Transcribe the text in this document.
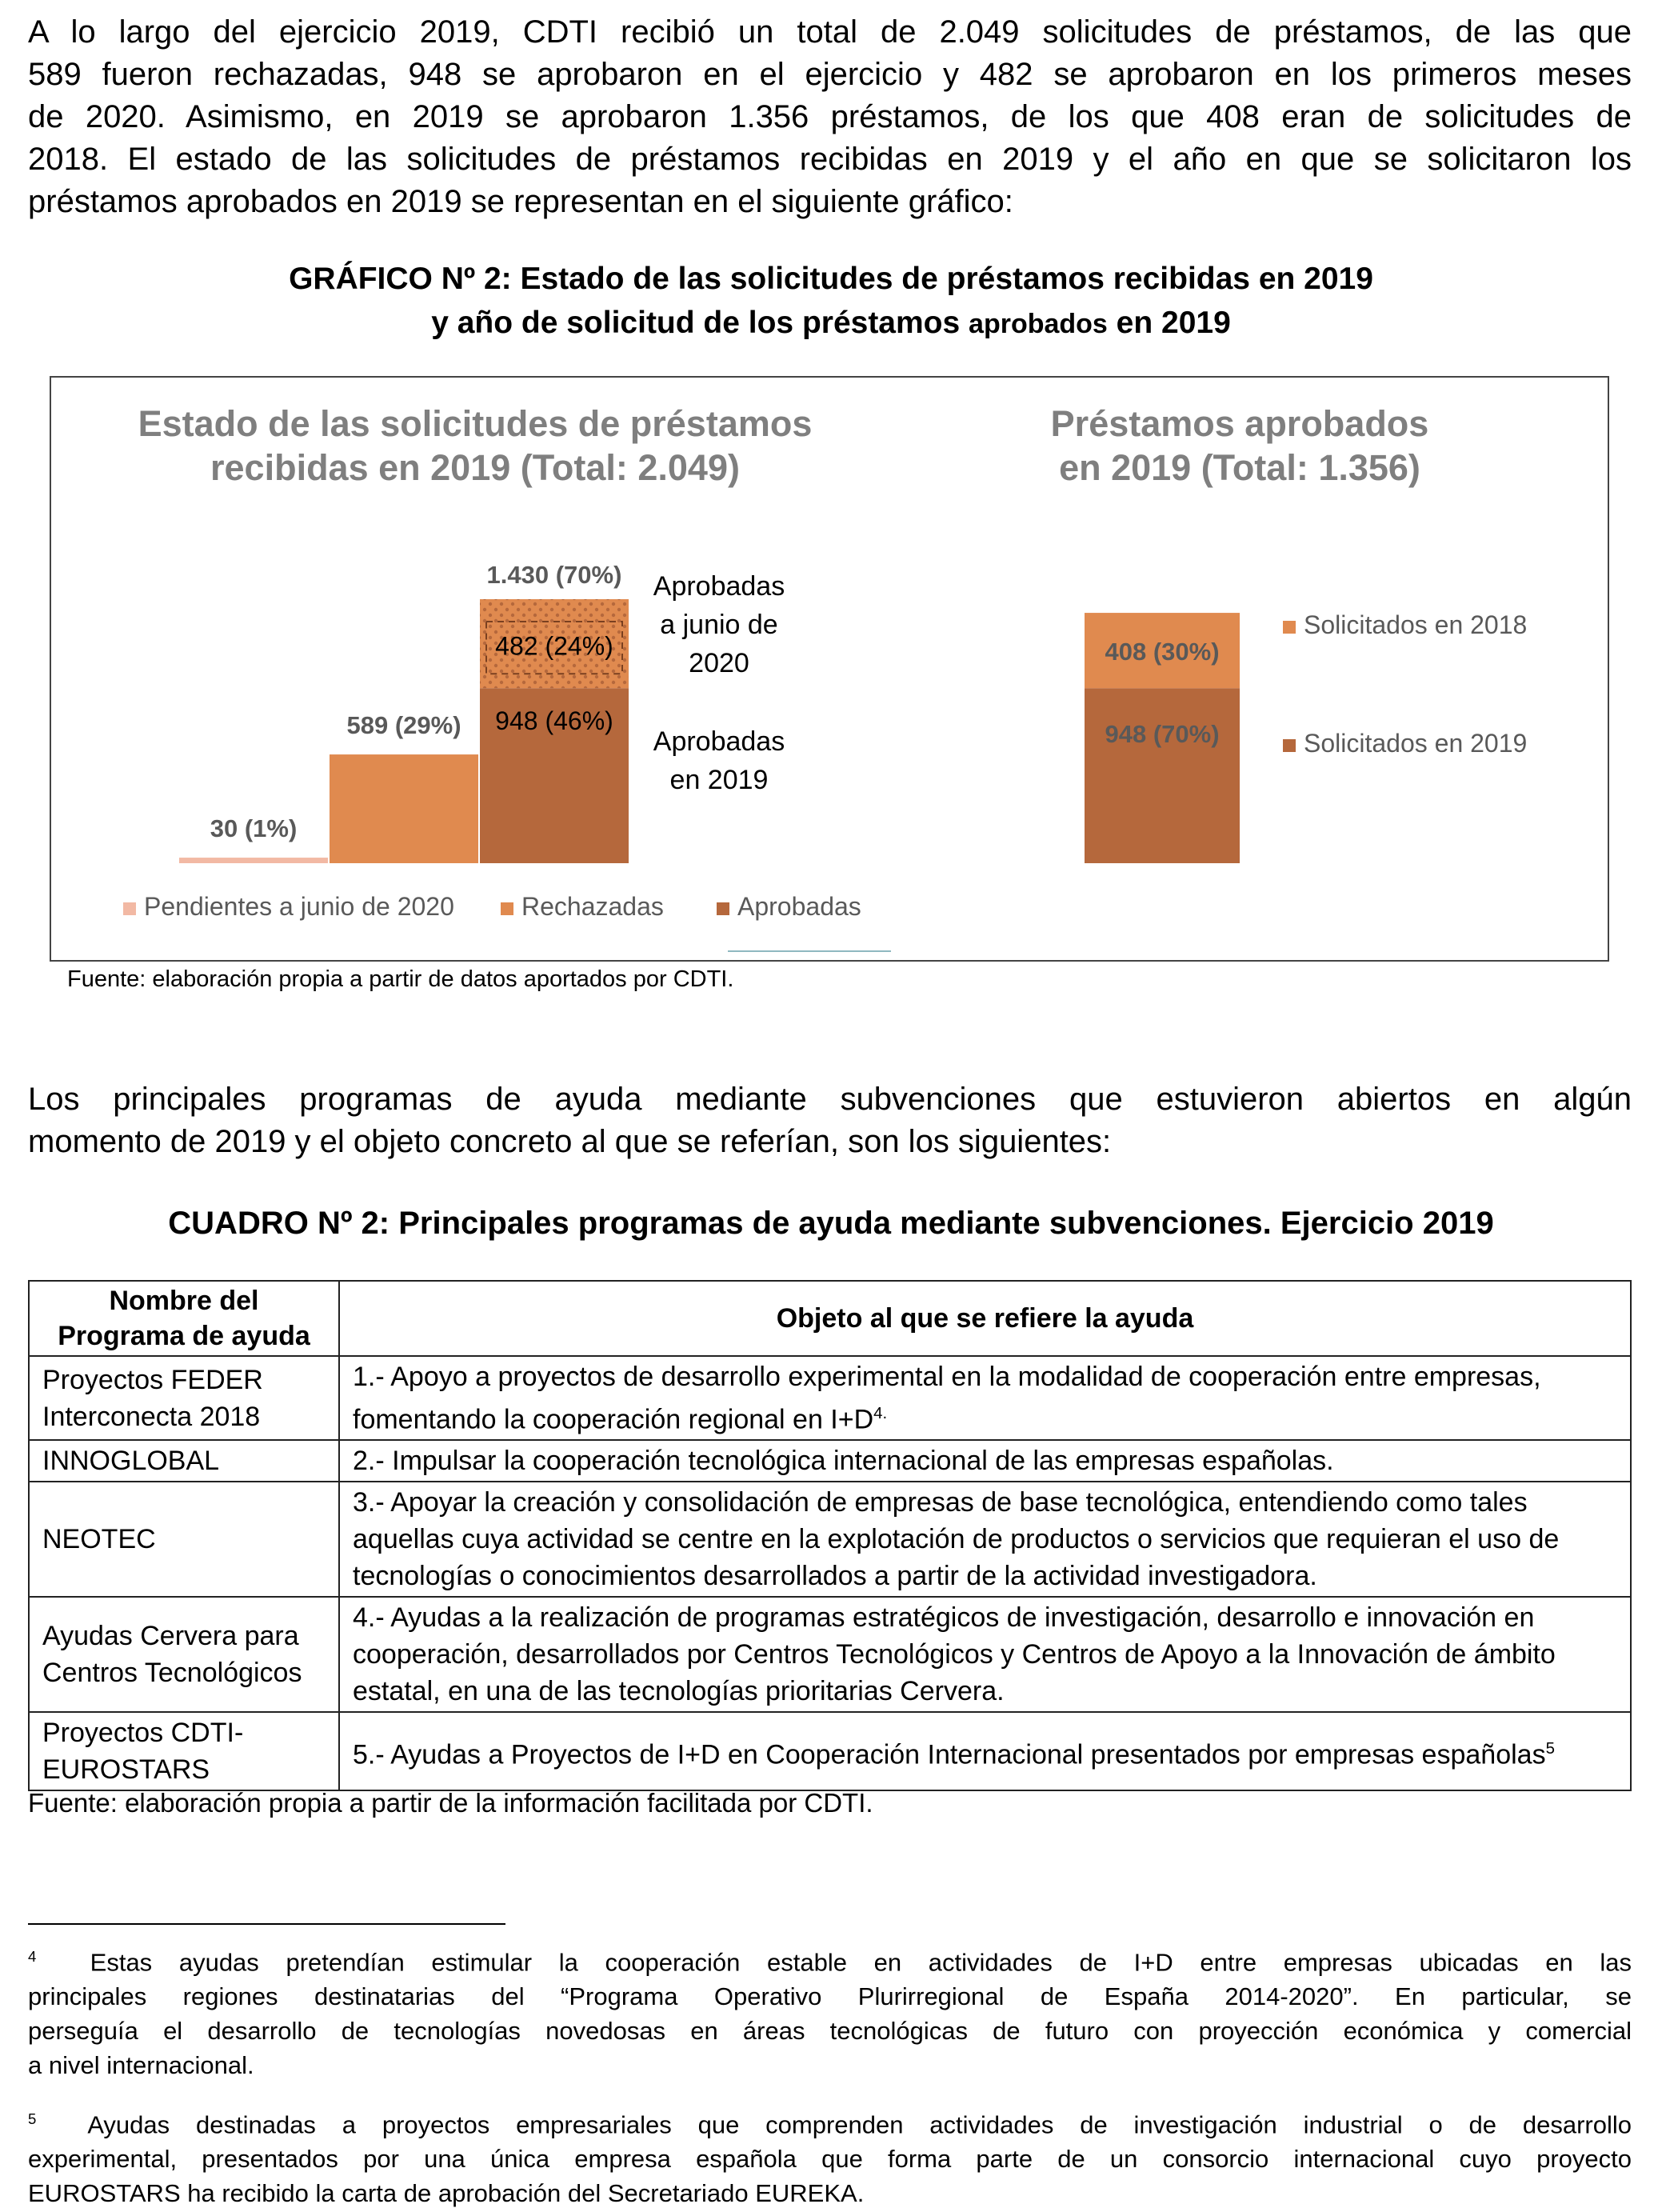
A lo largo del ejercicio 2019, CDTI recibió un total de 2.049 solicitudes de préstamos, de las que
589 fueron rechazadas, 948 se aprobaron en el ejercicio y 482 se aprobaron en los primeros meses
de 2020. Asimismo, en 2019 se aprobaron 1.356 préstamos, de los que 408 eran de solicitudes de
2018. El estado de las solicitudes de préstamos recibidas en 2019 y el año en que se solicitaron los
préstamos aprobados en 2019 se representan en el siguiente gráfico:
GRÁFICO Nº 2: Estado de las solicitudes de préstamos recibidas en 2019
y año de solicitud de los préstamos aprobados en 2019
Estado de las solicitudes de préstamos
recibidas en 2019 (Total: 2.049)
30 (1%)
589 (29%) 948 (46%)
482 (24%)
1.430 (70%) Aprobadas
a junio de
2020
Aprobadas
en 2019
Pendientes a junio de 2020	Rechazadas	Aprobadas
Préstamos aprobados
en 2019 (Total: 1.356)
948 (70%)
408 (30%)
Solicitados en 2018
Solicitados en 2019
Fuente: elaboración propia a partir de datos aportados por CDTI.
Los principales programas de ayuda mediante subvenciones que estuvieron abiertos en algún
momento de 2019 y el objeto concreto al que se referían, son los siguientes:
CUADRO Nº 2: Principales programas de ayuda mediante subvenciones. Ejercicio 2019
Nombre del
Programa de ayuda	Objeto al que se refiere la ayuda

Proyectos FEDER
Interconecta 2018	1.- Apoyo a proyectos de desarrollo experimental en la modalidad de cooperación entre empresas, fomentando la cooperación regional en $I+D^{4.}$

INNOGLOBAL	2.- Impulsar la cooperación tecnológica internacional de las empresas españolas.

NEOTEC	3.- Apoyar la creación y consolidación de empresas de base tecnológica, entendiendo como tales aquellas cuya actividad se centre en la explotación de productos o servicios que requieran el uso de tecnologías o conocimientos desarrollados a partir de la actividad investigadora.

Ayudas Cervera para
Centros Tecnológicos	4.- Ayudas a la realización de programas estratégicos de investigación, desarrollo e innovación en cooperación, desarrollados por Centros Tecnológicos y Centros de Apoyo a la Innovación de ámbito estatal, en una de las tecnologías prioritarias Cervera.

Proyectos CDTI-
EUROSTARS	5.- Ayudas a Proyectos de I+D en Cooperación Internacional presentados por empresas españolas$^5$
Fuente: elaboración propia a partir de la información facilitada por CDTI.
$^4$ Estas ayudas pretendían estimular la cooperación estable en actividades de I+D entre empresas ubicadas en las
principales regiones destinatarias del “Programa Operativo Plurirregional de España 2014-2020”. En particular, se
perseguía el desarrollo de tecnologías novedosas en áreas tecnológicas de futuro con proyección económica y comercial
a nivel internacional.
$^5$ Ayudas destinadas a proyectos empresariales que comprenden actividades de investigación industrial o de desarrollo
experimental, presentados por una única empresa española que forma parte de un consorcio internacional cuyo proyecto
EUROSTARS ha recibido la carta de aprobación del Secretariado EUREKA.
